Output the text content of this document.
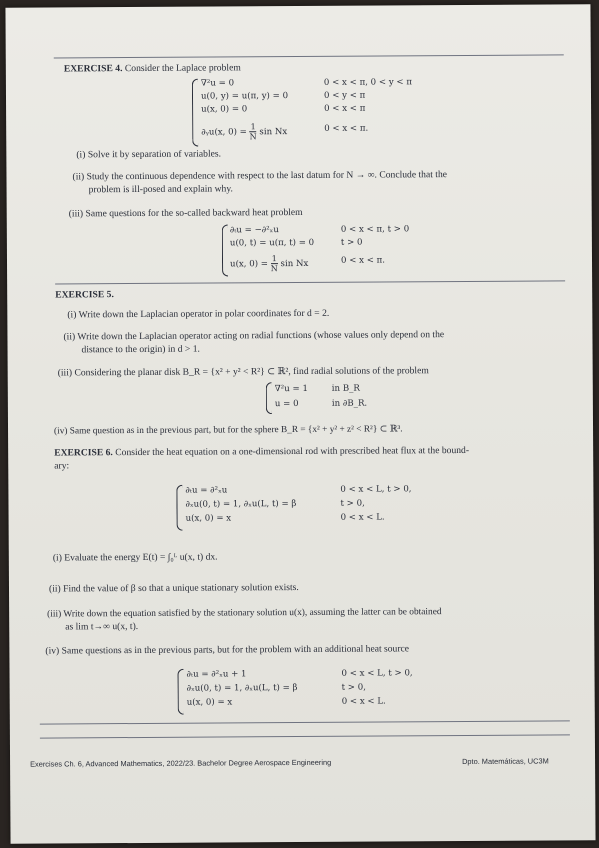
EXERCISE 4. Consider the Laplace problem
∇²u = 0
u(0, y) = u(π, y) = 0
u(x, 0) = 0
∂ᵧu(x, $0) = \frac{1}{N}$ sin Nx
0 < x < π, 0 < y < π
0 < y < π
0 < x < π
0 < x < π.
(i) Solve it by separation of variables.
(ii) Study the continuous dependence with respect to the last datum for N → ∞. Conclude that the
problem is ill-posed and explain why.
(iii) Same questions for the so-called backward heat problem
∂ₜu = −∂²ₓu
u(0, t) = u(π, t) = 0
u(x, $0) = \frac{1}{N}$ sin Nx
0 < x < π, t > 0
t > 0
0 < x < π.
EXERCISE 5.
(i) Write down the Laplacian operator in polar coordinates for d = 2.
(ii) Write down the Laplacian operator acting on radial functions (whose values only depend on the
distance to the origin) in d > 1.
(iii) Considering the planar disk B_R = {x² + y² < R²} ⊂ ℝ², find radial solutions of the problem
∇²u = 1
u = 0
in B_R
in ∂B_R.
(iv) Same question as in the previous part, but for the sphere B_R = {x² + y² + z² < R²} ⊂ ℝ³.
EXERCISE 6. Consider the heat equation on a one-dimensional rod with prescribed heat flux at the bound-
ary:
∂ₜu = ∂²ₓu
∂ₓu(0, t) = 1, ∂ₓu(L, t) = β
u(x, 0) = x
0 < x < L, t > 0,
t > 0,
0 < x < L.
(i) Evaluate the energy E(t) = ∫₀ᴸ u(x, t) dx.
(ii) Find the value of β so that a unique stationary solution exists.
(iii) Write down the equation satisfied by the stationary solution u(x), assuming the latter can be obtained
as lim t→∞ u(x, t).
(iv) Same questions as in the previous parts, but for the problem with an additional heat source
∂ₜu = ∂²ₓu + 1
∂ₓu(0, t) = 1, ∂ₓu(L, t) = β
u(x, 0) = x
0 < x < L, t > 0,
t > 0,
0 < x < L.
Exercises Ch. 6, Advanced Mathematics, 2022/23. Bachelor Degree Aerospace Engineering	Dpto. Matemáticas, UC3M
